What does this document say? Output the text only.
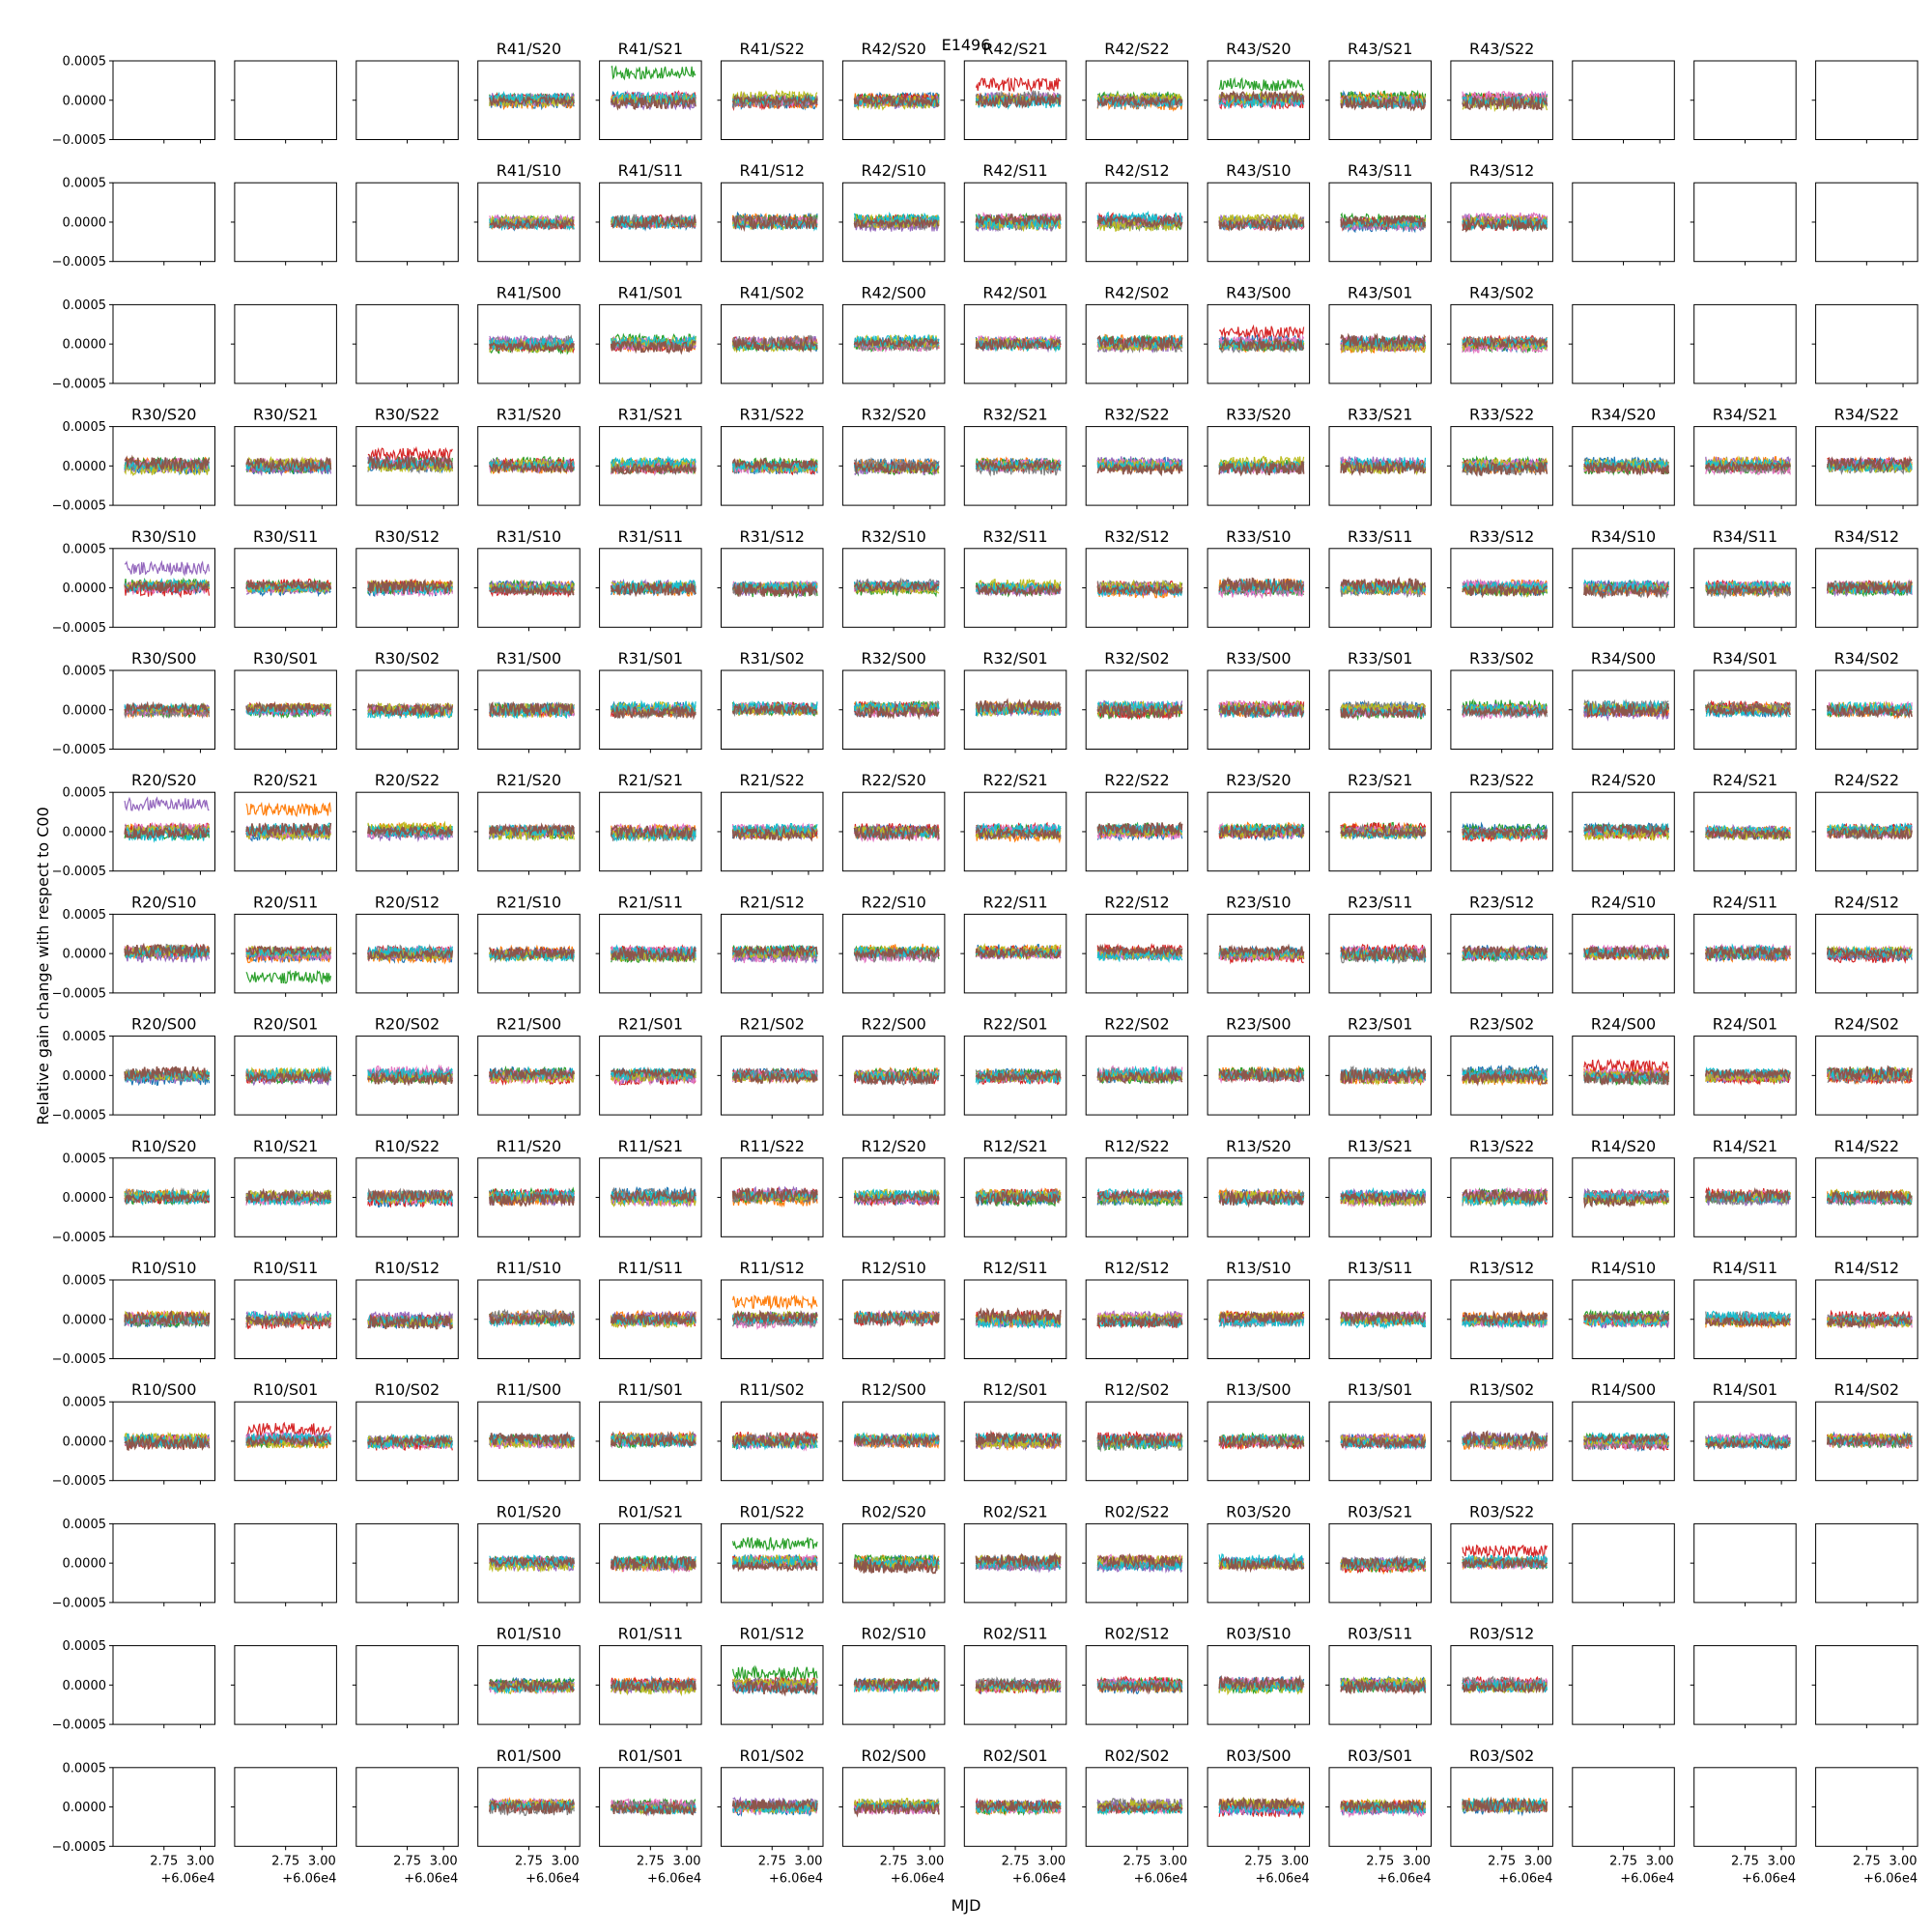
E1496
MJD
Relative gain change with respect to C00
0.0005
0.0000
−0.0005
R41/S20	R41/S21	R41/S22	R42/S20	R42/S21	R42/S22	R43/S20	R43/S21	R43/S22
0.0005
0.0000
−0.0005
R41/S10	R41/S11	R41/S12	R42/S10	R42/S11	R42/S12	R43/S10	R43/S11	R43/S12
0.0005
0.0000
−0.0005
R41/S00	R41/S01	R41/S02	R42/S00	R42/S01	R42/S02	R43/S00	R43/S01	R43/S02
R30/S20
0.0005
0.0000
−0.0005
R30/S21	R30/S22	R31/S20	R31/S21	R31/S22	R32/S20	R32/S21	R32/S22	R33/S20	R33/S21	R33/S22	R34/S20	R34/S21	R34/S22
R30/S10
0.0005
0.0000
−0.0005
R30/S11	R30/S12	R31/S10	R31/S11	R31/S12	R32/S10	R32/S11	R32/S12	R33/S10	R33/S11	R33/S12	R34/S10	R34/S11	R34/S12
R30/S00
0.0005
0.0000
−0.0005
R30/S01	R30/S02	R31/S00	R31/S01	R31/S02	R32/S00	R32/S01	R32/S02	R33/S00	R33/S01	R33/S02	R34/S00	R34/S01	R34/S02
R20/S20
0.0005
0.0000
−0.0005
R20/S21	R20/S22	R21/S20	R21/S21	R21/S22	R22/S20	R22/S21	R22/S22	R23/S20	R23/S21	R23/S22	R24/S20	R24/S21	R24/S22
R20/S10
0.0005
0.0000
−0.0005
R20/S11	R20/S12	R21/S10	R21/S11	R21/S12	R22/S10	R22/S11	R22/S12	R23/S10	R23/S11	R23/S12	R24/S10	R24/S11	R24/S12
R20/S00
0.0005
0.0000
−0.0005
R20/S01	R20/S02	R21/S00	R21/S01	R21/S02	R22/S00	R22/S01	R22/S02	R23/S00	R23/S01	R23/S02	R24/S00	R24/S01	R24/S02
R10/S20
0.0005
0.0000
−0.0005
R10/S21	R10/S22	R11/S20	R11/S21	R11/S22	R12/S20	R12/S21	R12/S22	R13/S20	R13/S21	R13/S22	R14/S20	R14/S21	R14/S22
R10/S10
0.0005
0.0000
−0.0005
R10/S11	R10/S12	R11/S10	R11/S11	R11/S12	R12/S10	R12/S11	R12/S12	R13/S10	R13/S11	R13/S12	R14/S10	R14/S11	R14/S12
R10/S00
0.0005
0.0000
−0.0005
R10/S01	R10/S02	R11/S00	R11/S01	R11/S02	R12/S00	R12/S01	R12/S02	R13/S00	R13/S01	R13/S02	R14/S00	R14/S01	R14/S02
0.0005
0.0000
−0.0005
R01/S20	R01/S21	R01/S22	R02/S20	R02/S21	R02/S22	R03/S20	R03/S21	R03/S22
0.0005
0.0000
−0.0005
R01/S10	R01/S11	R01/S12	R02/S10	R02/S11	R02/S12	R03/S10	R03/S11	R03/S12
0.0005
0.0000
−0.0005
2.75 3.00
+6.06e4
2.75 3.00
+6.06e4
2.75 3.00
+6.06e4
R01/S00
2.75 3.00
+6.06e4
R01/S01
2.75 3.00
+6.06e4
R01/S02
2.75 3.00
+6.06e4
R02/S00
2.75 3.00
+6.06e4
R02/S01
2.75 3.00
+6.06e4
R02/S02
2.75 3.00
+6.06e4
R03/S00
2.75 3.00
+6.06e4
R03/S01
2.75 3.00
+6.06e4
R03/S02
2.75 3.00
+6.06e4
2.75 3.00
+6.06e4
2.75 3.00
+6.06e4
2.75 3.00
+6.06e4
